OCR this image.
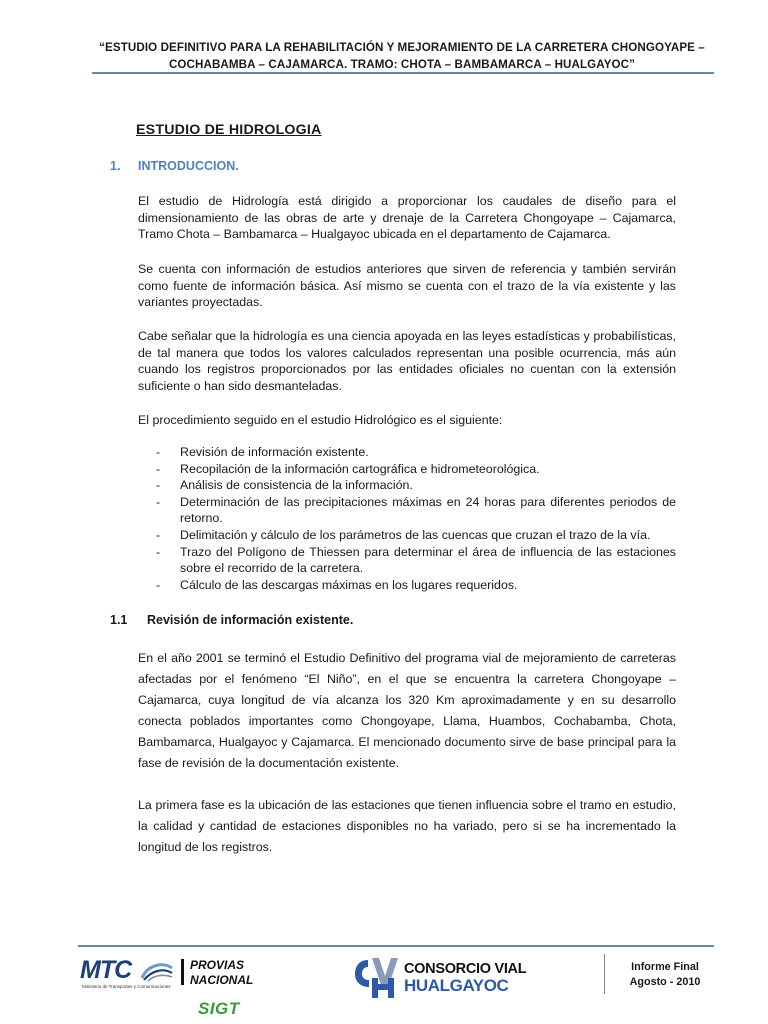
“ESTUDIO DEFINITIVO PARA LA REHABILITACIÓN Y MEJORAMIENTO DE LA CARRETERA CHONGOYAPE –
COCHABAMBA – CAJAMARCA. TRAMO: CHOTA – BAMBAMARCA – HUALGAYOC”
ESTUDIO DE HIDROLOGIA
1. INTRODUCCION.

El estudio de Hidrología está dirigido a proporcionar los caudales de diseño para el dimensionamiento de las obras de arte y drenaje de la Carretera Chongoyape – Cajamarca, Tramo Chota – Bambamarca – Hualgayoc ubicada en el departamento de Cajamarca.

Se cuenta con información de estudios anteriores que sirven de referencia y también servirán como fuente de información básica. Así mismo se cuenta con el trazo de la vía existente y las variantes proyectadas.

Cabe señalar que la hidrología es una ciencia apoyada en las leyes estadísticas y probabilísticas, de tal manera que todos los valores calculados representan una posible ocurrencia, más aún cuando los registros proporcionados por las entidades oficiales no cuentan con la extensión suficiente o han sido desmanteladas.

El procedimiento seguido en el estudio Hidrológico es el siguiente:

- Revisión de información existente.
- Recopilación de la información cartográfica e hidrometeorológica.
- Análisis de consistencia de la información.
- Determinación de las precipitaciones máximas en 24 horas para diferentes periodos de retorno.
- Delimitación y cálculo de los parámetros de las cuencas que cruzan el trazo de la vía.
- Trazo del Polígono de Thiessen para determinar el área de influencia de las estaciones sobre el recorrido de la carretera.
- Cálculo de las descargas máximas en los lugares requeridos.
1.1 Revisión de información existente.

En el año 2001 se terminó el Estudio Definitivo del programa vial de mejoramiento de carreteras afectadas por el fenómeno “El Niño”, en el que se encuentra la carretera Chongoyape – Cajamarca, cuya longitud de vía alcanza los 320 Km aproximadamente y en su desarrollo conecta poblados importantes como Chongoyape, Llama, Huambos, Cochabamba, Chota, Bambamarca, Hualgayoc y Cajamarca. El mencionado documento sirve de base principal para la fase de revisión de la documentación existente.

La primera fase es la ubicación de las estaciones que tienen influencia sobre el tramo en estudio, la calidad y cantidad de estaciones disponibles no ha variado, pero si se ha incrementado la longitud de los registros.

MTC
Ministerio de Transportes y Comunicaciones
PROVIAS
NACIONAL
SIGT
CONSORCIO VIAL
HUALGAYOC
Informe Final
Agosto - 2010
